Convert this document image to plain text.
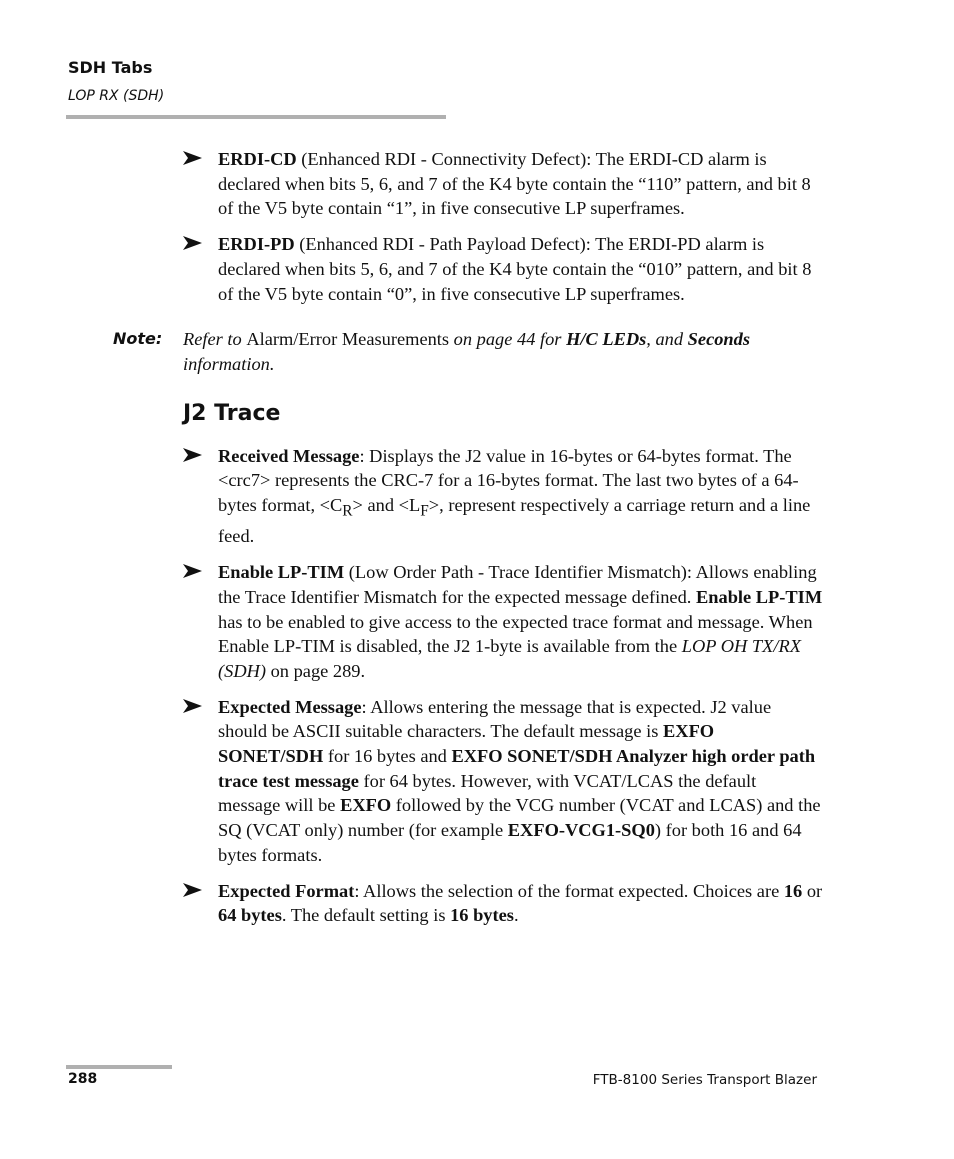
SDH Tabs
LOP RX (SDH)
ERDI-CD (Enhanced RDI - Connectivity Defect): The ERDI-CD alarm is declared when bits 5, 6, and 7 of the K4 byte contain the “110” pattern, and bit 8 of the V5 byte contain “1”, in five consecutive LP superframes.
ERDI-PD (Enhanced RDI - Path Payload Defect): The ERDI-PD alarm is declared when bits 5, 6, and 7 of the K4 byte contain the “010” pattern, and bit 8 of the V5 byte contain “0”, in five consecutive LP superframes.
Note: Refer to Alarm/Error Measurements on page 44 for H/C LEDs, and Seconds information.
J2 Trace
Received Message: Displays the J2 value in 16-bytes or 64-bytes format. The <crc7> represents the CRC-7 for a 16-bytes format. The last two bytes of a 64-bytes format, $<C_R>$ and $<L_F>$, represent respectively a carriage return and a line feed.
Enable LP-TIM (Low Order Path - Trace Identifier Mismatch): Allows enabling the Trace Identifier Mismatch for the expected message defined. Enable LP-TIM has to be enabled to give access to the expected trace format and message. When Enable LP-TIM is disabled, the J2 1-byte is available from the LOP OH TX/RX (SDH) on page 289.
Expected Message: Allows entering the message that is expected. J2 value should be ASCII suitable characters. The default message is EXFO SONET/SDH for 16 bytes and EXFO SONET/SDH Analyzer high order path trace test message for 64 bytes. However, with VCAT/LCAS the default message will be EXFO followed by the VCG number (VCAT and LCAS) and the SQ (VCAT only) number (for example EXFO-VCG1-SQ0) for both 16 and 64 bytes formats.
Expected Format: Allows the selection of the format expected. Choices are 16 or 64 bytes. The default setting is 16 bytes.
288	FTB-8100 Series Transport Blazer
